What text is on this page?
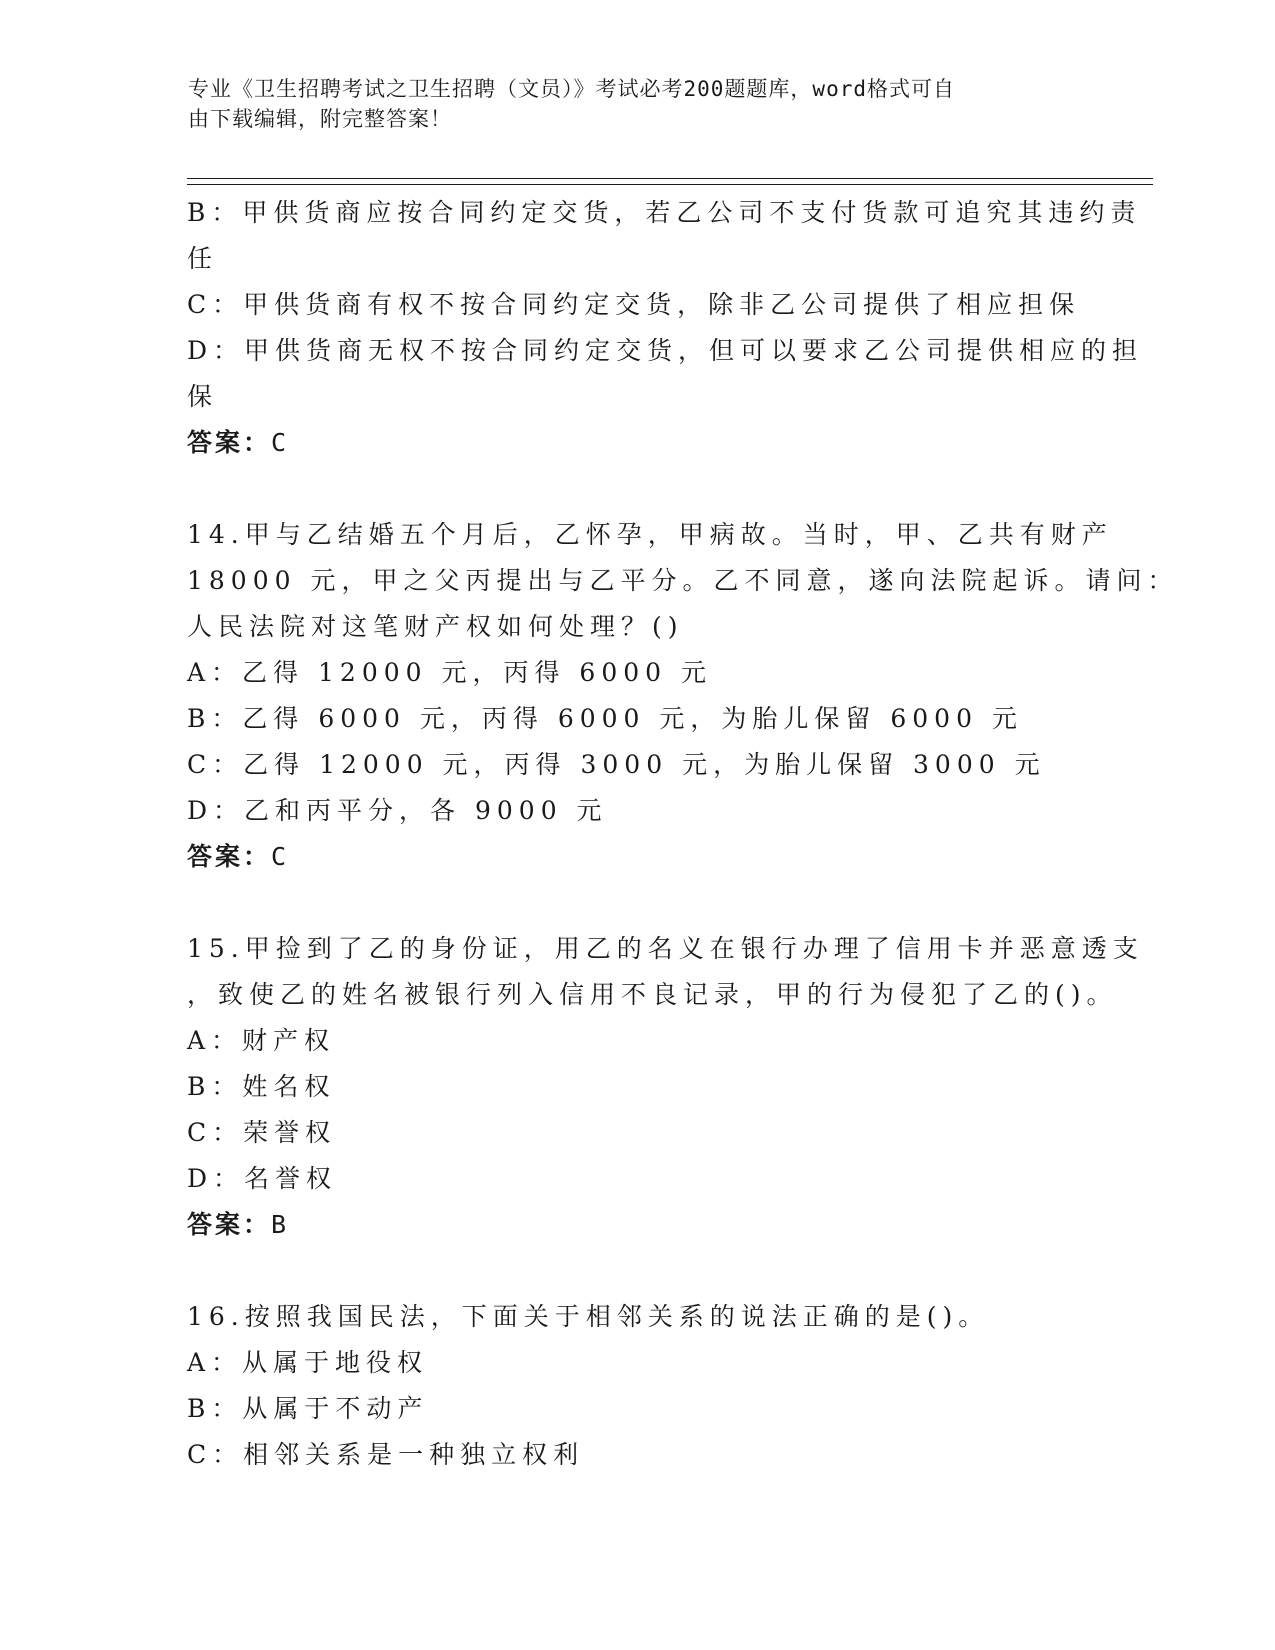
专业《卫生招聘考试之卫生招聘（文员）》考试必考200题题库，word格式可自
由下载编辑，附完整答案！
B：甲供货商应按合同约定交货，若乙公司不支付货款可追究其违约责
任
C：甲供货商有权不按合同约定交货，除非乙公司提供了相应担保
D：甲供货商无权不按合同约定交货，但可以要求乙公司提供相应的担
保
答案：C
14.甲与乙结婚五个月后，乙怀孕，甲病故。当时，甲、乙共有财产
18000 元，甲之父丙提出与乙平分。乙不同意，遂向法院起诉。请问：
人民法院对这笔财产权如何处理？()
A：乙得 12000 元，丙得 6000 元
B：乙得 6000 元，丙得 6000 元，为胎儿保留 6000 元
C：乙得 12000 元，丙得 3000 元，为胎儿保留 3000 元
D：乙和丙平分，各 9000 元
答案：C
15.甲捡到了乙的身份证，用乙的名义在银行办理了信用卡并恶意透支
，致使乙的姓名被银行列入信用不良记录，甲的行为侵犯了乙的()。
A：财产权
B：姓名权
C：荣誉权
D：名誉权
答案：B
16.按照我国民法，下面关于相邻关系的说法正确的是()。
A：从属于地役权
B：从属于不动产
C：相邻关系是一种独立权利
